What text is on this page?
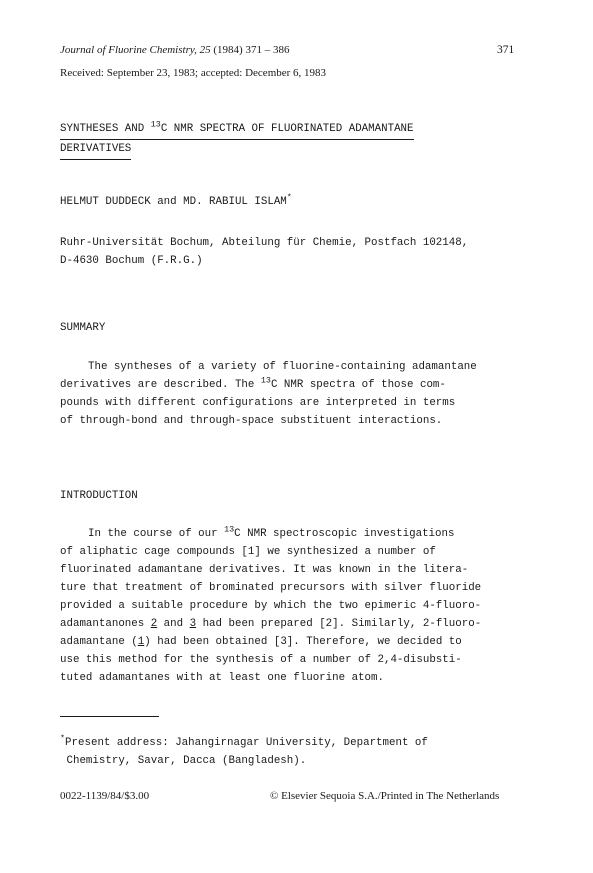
Journal of Fluorine Chemistry, 25 (1984) 371 – 386	371
Received: September 23, 1983; accepted: December 6, 1983
SYNTHESES AND $^{13}$C NMR SPECTRA OF FLUORINATED ADAMANTANE
DERIVATIVES
HELMUT DUDDECK and MD. RABIUL ISLAM*
Ruhr-Universität Bochum, Abteilung für Chemie, Postfach 102148,
D-4630 Bochum (F.R.G.)
SUMMARY
The syntheses of a variety of fluorine-containing adamantane
derivatives are described. The $^{13}$C NMR spectra of those com-
pounds with different configurations are interpreted in terms
of through-bond and through-space substituent interactions.
INTRODUCTION
In the course of our $^{13}$C NMR spectroscopic investigations
of aliphatic cage compounds [1] we synthesized a number of
fluorinated adamantane derivatives. It was known in the litera-
ture that treatment of brominated precursors with silver fluoride
provided a suitable procedure by which the two epimeric 4-fluoro-
adamantanones 2 and 3 had been prepared [2]. Similarly, 2-fluoro-
adamantane (1) had been obtained [3]. Therefore, we decided to
use this method for the synthesis of a number of 2,4-disubsti-
tuted adamantanes with at least one fluorine atom.
*Present address: Jahangirnagar University, Department of
Chemistry, Savar, Dacca (Bangladesh).
0022-1139/84/$3.00	© Elsevier Sequoia S.A./Printed in The Netherlands
